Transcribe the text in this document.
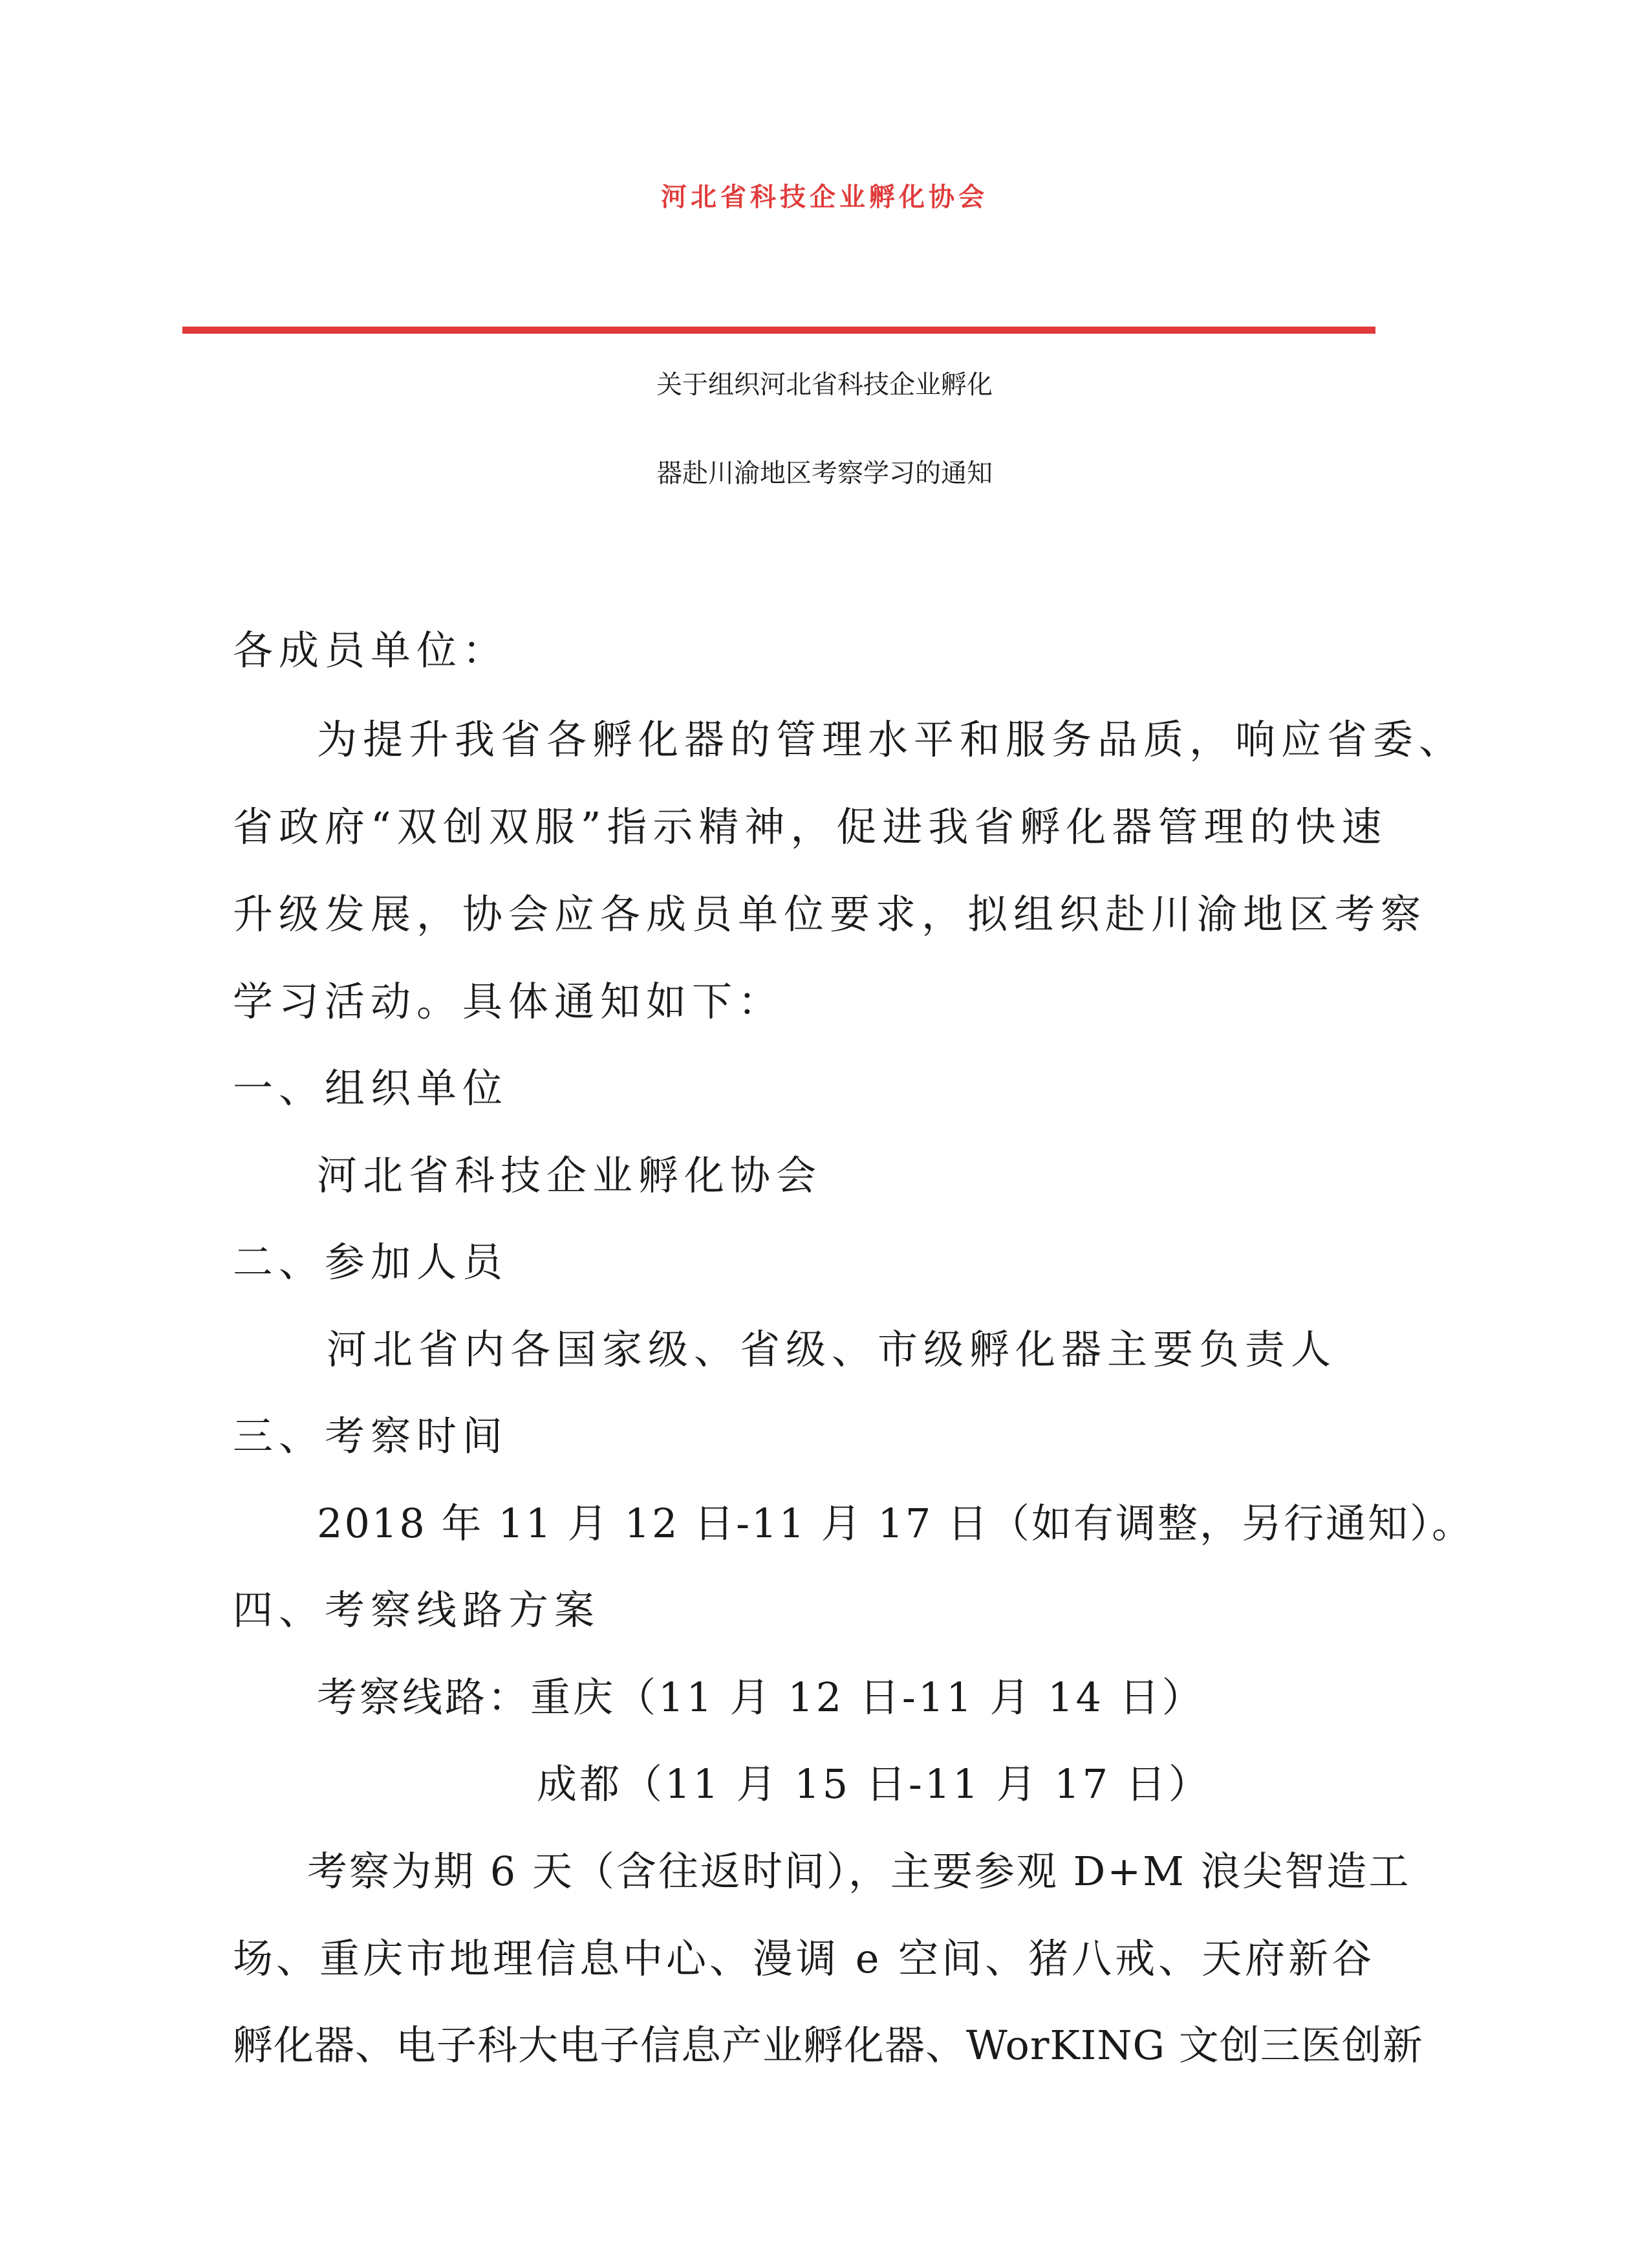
河北省科技企业孵化协会
关于组织河北省科技企业孵化
器赴川渝地区考察学习的通知
各成员单位：
为提升我省各孵化器的管理水平和服务品质，响应省委、
省政府“双创双服”指示精神，促进我省孵化器管理的快速
升级发展，协会应各成员单位要求，拟组织赴川渝地区考察
学习活动。具体通知如下：
一、组织单位
河北省科技企业孵化协会
二、参加人员
河北省内各国家级、省级、市级孵化器主要负责人
三、考察时间
2018 年 11 月 12 日-11 月 17 日（如有调整，另行通知）。
四、考察线路方案
考察线路：重庆（11 月 12 日-11 月 14 日）
成都（11 月 15 日-11 月 17 日）
考察为期 6 天（含往返时间），主要参观 D+M 浪尖智造工
场、重庆市地理信息中心、漫调 e 空间、猪八戒、天府新谷
孵化器、电子科大电子信息产业孵化器、WorKING 文创三医创新
